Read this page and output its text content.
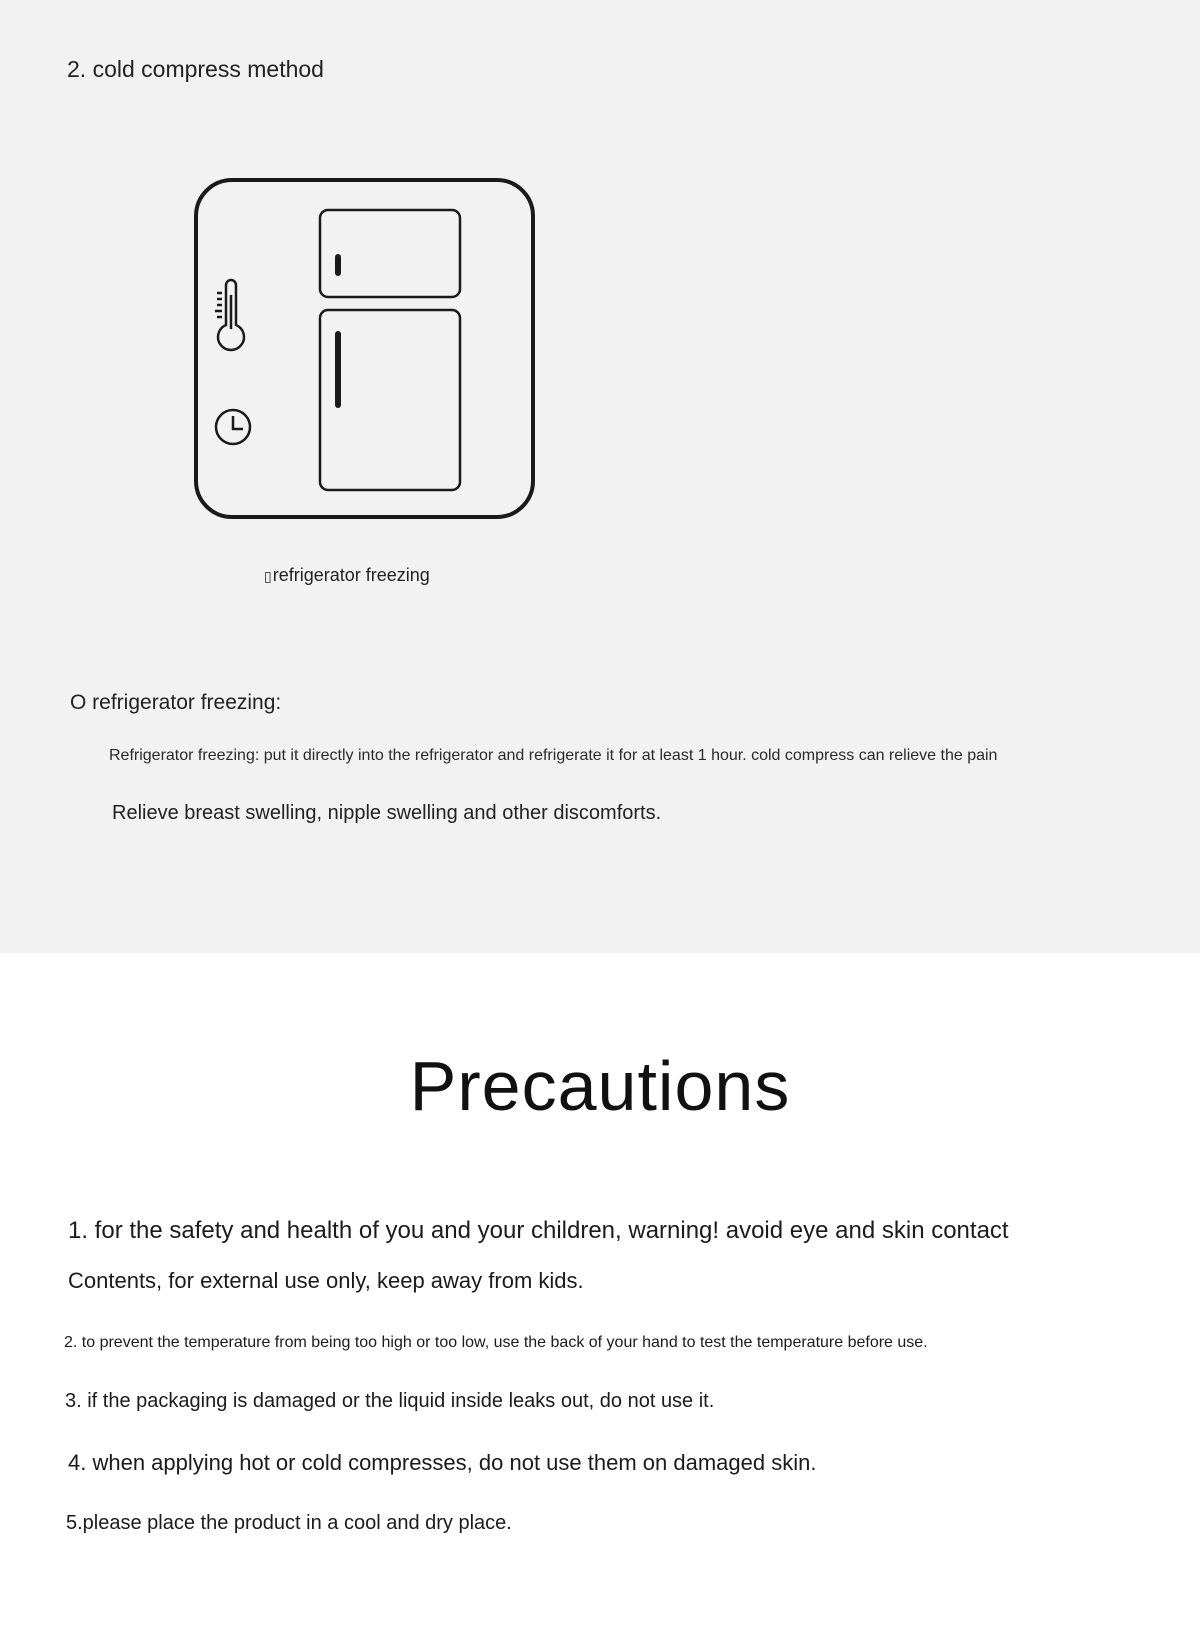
2. cold compress method
▯refrigerator freezing
O refrigerator freezing:
Refrigerator freezing: put it directly into the refrigerator and refrigerate it for at least 1 hour. cold compress can relieve the pain
Relieve breast swelling, nipple swelling and other discomforts.
Precautions
1. for the safety and health of you and your children, warning! avoid eye and skin contact
Contents, for external use only, keep away from kids.
2. to prevent the temperature from being too high or too low, use the back of your hand to test the temperature before use.
3. if the packaging is damaged or the liquid inside leaks out, do not use it.
4. when applying hot or cold compresses, do not use them on damaged skin.
5.please place the product in a cool and dry place.
